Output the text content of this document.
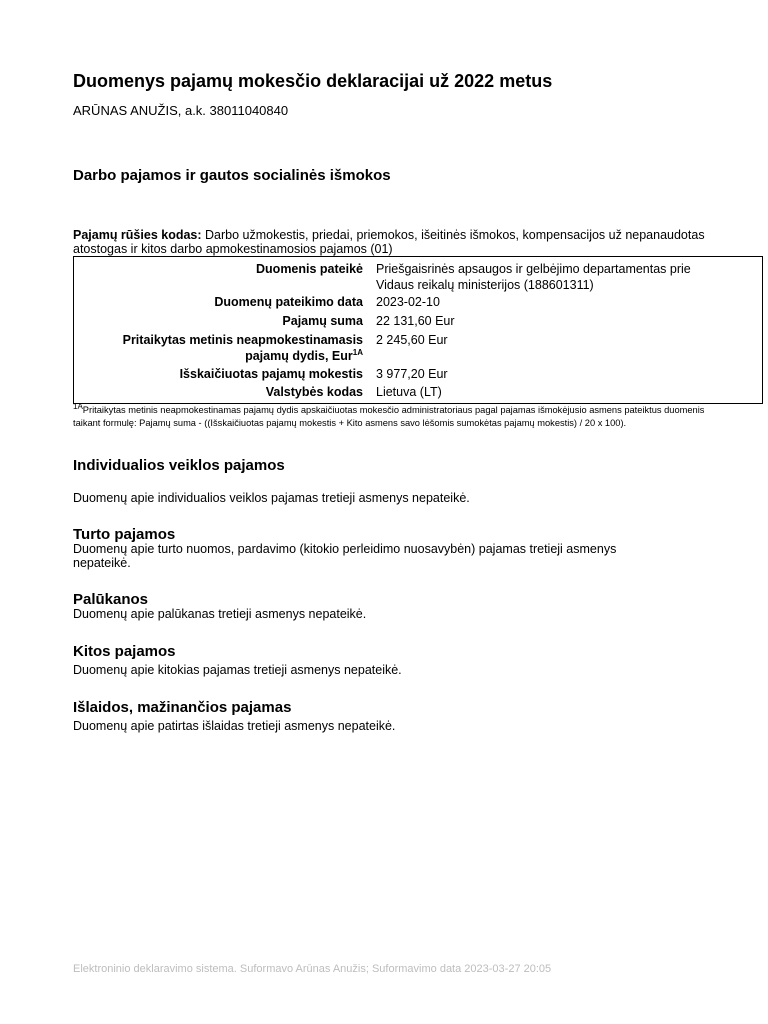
Duomenys pajamų mokesčio deklaracijai už 2022 metus
ARŪNAS ANUŽIS, a.k. 38011040840
Darbo pajamos ir gautos socialinės išmokos
Pajamų rūšies kodas: Darbo užmokestis, priedai, priemokos, išeitinės išmokos, kompensacijos už nepanaudotas atostogas ir kitos darbo apmokestinamosios pajamos (01)
Duomenis pateikė Priešgaisrinės apsaugos ir gelbėjimo departamentas prie
Vidaus reikalų ministerijos (188601311)
Duomenų pateikimo data 2023-02-10
Pajamų suma 22 131,60 Eur
Pritaikytas metinis neapmokestinamasis
pajamų dydis, Eur$^{1A}$
2 245,60 Eur
Išskaičiuotas pajamų mokestis 3 977,20 Eur
Valstybės kodas Lietuva (LT)
$^{1A}$Pritaikytas metinis neapmokestinamas pajamų dydis apskaičiuotas mokesčio administratoriaus pagal pajamas išmokėjusio asmens pateiktus duomenis taikant formulę: Pajamų suma - ((Išskaičiuotas pajamų mokestis + Kito asmens savo lėšomis sumokėtas pajamų mokestis) / 20 x 100).
Individualios veiklos pajamos

Duomenų apie individualios veiklos pajamas tretieji asmenys nepateikė.

Turto pajamos

Duomenų apie turto nuomos, pardavimo (kitokio perleidimo nuosavybėn) pajamas tretieji asmenys nepateikė.

Palūkanos

Duomenų apie palūkanas tretieji asmenys nepateikė.

Kitos pajamos

Duomenų apie kitokias pajamas tretieji asmenys nepateikė.

Išlaidos, mažinančios pajamas

Duomenų apie patirtas išlaidas tretieji asmenys nepateikė.

Elektroninio deklaravimo sistema. Suformavo Arūnas Anužis; Suformavimo data 2023-03-27 20:05
